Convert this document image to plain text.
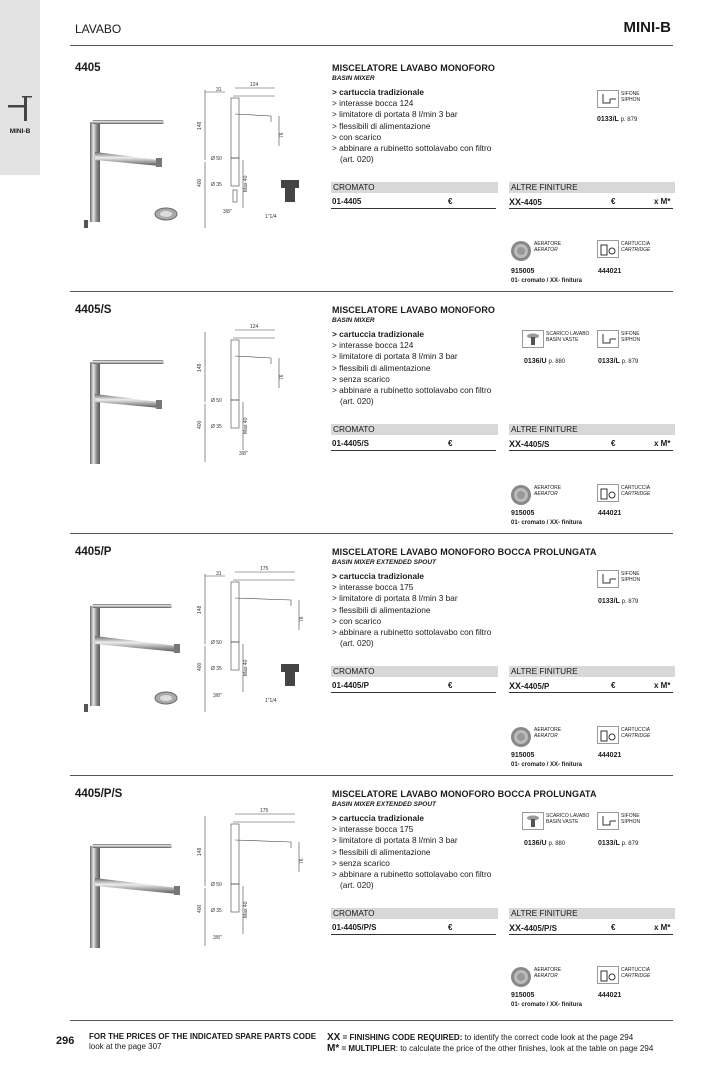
MINI-B
LAVABO	MINI-B
4405
31
124
148
76
Ø 50
400 Ø 35	Max 40
3/8"
1"1/4
MISCELATORE LAVABO MONOFORO
BASIN MIXER
> cartuccia tradizionale
> interasse bocca 124
> limitatore di portata 8 l/min 3 bar
> flessibili di alimentazione
> con scarico
> abbinare a rubinetto sottolavabo con filtro
(art. 020)
CROMATO	ALTRE FINITURE
01-4405	€	XX-4405	€	x M*
SIFONE
SIPHON
0133/L p. 879
AERATORE
AERATOR
915005
01- cromato / XX- finitura
CARTUCCIA
CARTRIDGE
444021
4405/S
124
148
76
Ø 50
400 Ø 35	Max 40
3/8"
MISCELATORE LAVABO MONOFORO
BASIN MIXER
> cartuccia tradizionale
> interasse bocca 124
> limitatore di portata 8 l/min 3 bar
> flessibili di alimentazione
> senza scarico
> abbinare a rubinetto sottolavabo con filtro
(art. 020)
CROMATO	ALTRE FINITURE
01-4405/S	€	XX-4405/S	€	x M*
SCARICO LAVABO
BASIN VASTE
0136/U p. 880
SIFONE
SIPHON
0133/L p. 879
AERATORE
AERATOR
915005
01- cromato / XX- finitura
CARTUCCIA
CARTRIDGE
444021
4405/P
31
175
148
76
Ø 50
400 Ø 35	Max 40
3/8"
1"1/4
MISCELATORE LAVABO MONOFORO BOCCA PROLUNGATA
BASIN MIXER EXTENDED SPOUT
> cartuccia tradizionale
> interasse bocca 175
> limitatore di portata 8 l/min 3 bar
> flessibili di alimentazione
> con scarico
> abbinare a rubinetto sottolavabo con filtro
(art. 020)
CROMATO	ALTRE FINITURE
01-4405/P	€	XX-4405/P	€	x M*
SIFONE
SIPHON
0133/L p. 879
AERATORE
AERATOR
915005
01- cromato / XX- finitura
CARTUCCIA
CARTRIDGE
444021
4405/P/S
175
148
76
Ø 50
400 Ø 35	Max 40
3/8"
MISCELATORE LAVABO MONOFORO BOCCA PROLUNGATA
BASIN MIXER EXTENDED SPOUT
> cartuccia tradizionale
> interasse bocca 175
> limitatore di portata 8 l/min 3 bar
> flessibili di alimentazione
> senza scarico
> abbinare a rubinetto sottolavabo con filtro
(art. 020)
CROMATO	ALTRE FINITURE
01-4405/P/S	€	XX-4405/P/S	€	x M*
SCARICO LAVABO
BASIN VASTE
0136/U p. 880
SIFONE
SIPHON
0133/L p. 879
AERATORE
AERATOR
915005
01- cromato / XX- finitura
CARTUCCIA
CARTRIDGE
444021
296 FOR THE PRICES OF THE INDICATED SPARE PARTS CODE
look at the page 307
XX = FINISHING CODE REQUIRED: to identify the correct code look at the page 294
M* = MULTIPLIER: to calculate the price of the other finishes, look at the table on page 294
